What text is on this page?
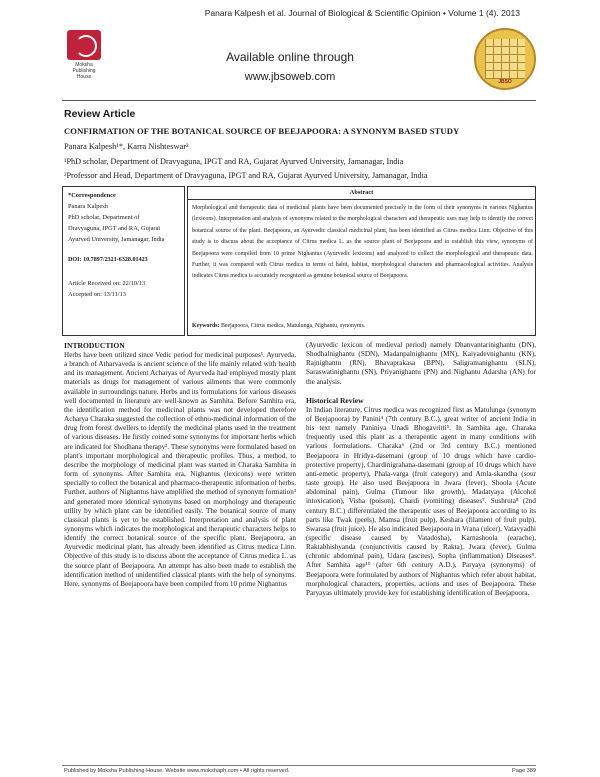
Panara Kalpesh et al. Journal of Biological & Scientific Opinion • Volume 1 (4). 2013
Moksha Publishing House
Available online through
www.jbsoweb.com	JBSO
Review Article
CONFIRMATION OF THE BOTANICAL SOURCE OF BEEJAPOORA: A SYNONYM BASED STUDY
Panara Kalpesh¹*, Karra Nishteswar²
¹PhD scholar, Department of Dravyaguna, IPGT and RA, Gujarat Ayurved University, Jamanagar, India
²Professor and Head, Department of Dravyaguna, IPGT and RA, Gujarat Ayurved University, Jamanagar, India
*Correspondence
Panara Kalpesh
PhD scholar, Department of
Dravyaguna, IPGT and RA, Gujarat
Ayurved University, Jamanagar, India
DOI: 10.7897/2321-6328.01423
Article Received on: 22/10/13
Accepted on: 13/11/13
Abstract
Morphological and therapeutic data of medicinal plants have been documented precisely in the form of their synonyms in various Nighantus (lexicons). Interpretation and analysis of synonyms related to the morphological characters and therapeutic uses may help to identify the correct botanical source of the plant. Beejapoora, an Ayurvedic classical medicinal plant, has been identified as Citrus medica Linn. Objective of this study is to discuss about the acceptance of Citrus medica L. as the source plant of Beejapoora and to establish this view, synonyms of Beejapoora were compiled from 10 prime Nighantus (Ayurvedic lexicons) and analyzed to collect the morphological and therapeutic data. Further, it was compared with Citrus medica in terms of habit, habitat, morphological characters and pharmacological activities. Analysis indicates Citrus medica is accurately recognized as genuine botanical source of Beejapoora.
Keywords: Beejapoora, Citrus medica, Matulunga, Nighantu, synonyms.
INTRODUCTION

Herbs have been utilized since Vedic period for medicinal purposes¹. Ayurveda, a branch of Atharvaveda is ancient science of the life mainly related with health and its management. Ancient Acharyas of Ayurveda had employed mostly plant materials as drugs for management of various ailments that were commonly available in surroundings nature. Herbs and its formulations for various diseases well documented in literature are well-known as Samhita. Before Samhita era, the identification method for medicinal plants was not developed therefore Acharya Charaka suggested the collection of ethno-medicinal information of the drug from forest dwellers to identify the medicinal plants used in the treatment of various diseases. He firstly coined some synonyms for important herbs which are indicated for Shodhana therapy². These synonyms were formulated based on plant's important morphological and therapeutic profiles. Thus, a method, to describe the morphology of medicinal plant was started in Charaka Samhita in form of synonyms. After Samhita era, Nighantus (lexicons) were written specially to collect the botanical and pharmaco-therapeutic information of herbs. Further, authors of Nighantus have amplified the method of synonym formation³ and generated more identical synonyms based on morphology and therapeutic utility by which plant can be identified easily. The botanical source of many classical plants is yet to be established. Interpretation and analysis of plant synonyms which indicates the morphological and therapeutic characters helps to identify the correct botanical source of the specific plant. Beejapoora, an Ayurvedic medicinal plant, has already been identified as Citrus medica Linn. Objective of this study is to discuss about the acceptance of Citrus medica L. as the source plant of Beejapoora. An attempt has also been made to establish the identification method of unidentified classical plants with the help of synonyms. Here, synonyms of Beejapoora have been compiled from 10 prime Nighantus

(Ayurvedic lexicon of medieval period) namely Dhanvantarinighantu (DN), Shodhalnighantu (SDN), Madanpalnighantu (MN), Kaiyadevnighantu (KN), Rajnighantu (RN), Bhavaprakasa (BPN), Saligramanighantu (SLN), Saraswatinighantu (SN), Priyanighantu (PN) and Nighantu Adarsha (AN) for the analysis.

Historical Review

In Indian literature, Citrus medica was recognized first as Matulunga (synonym of Beejapoora) by Panini⁴ (7th century B.C.), great writer of ancient India in his text namely Paniniya Unadi Bhogavritti⁵. In Samhita age, Charaka frequently used this plant as a therapeutic agent in many conditions with various formulations. Charaka⁶ (2nd or 3rd century B.C.) mentioned Beejapoora in Hridya-dasemani (group of 10 drugs which have cardio-protective property), Chardinigrahana-dasemani (group of 10 drugs which have anti-emetic property), Phala-varga (fruit category) and Amla-skandha (sour taste group). He also used Beejapoora in Jwara (fever), Shoola (Acute abdominal pain), Gulma (Tumour like growth), Madatyaya (Alcohol intoxication), Visha (poison), Chardi (vomiting) diseases⁷. Sushruta⁸ (2nd century B.C.) differentiated the therapeutic uses of Beejapoora according to its parts like Twak (peels), Mamsa (fruit pulp), Keshara (filament of fruit pulp), Swarasa (fruit juice). He also indicated Beejapoora in Vrana (ulcer), Vatavyadhi (specific disease caused by Vatadosha), Karnashoola (earache), Raktabhishyanda (conjunctivitis caused by Rakta), Jwara (fever), Gulma (chronic abdominal pain), Udara (ascites), Sopha (inflammation) Diseases⁹. After Samhita age¹⁰ (after 6th century A.D.), Paryaya (synonyms) of Beejapoora were formulated by authors of Nighantus which refer about habitat, morphological characters, properties, actions and uses of Beejapoora. These Paryayas ultimately provide key for establishing identification of Beejapoora.

Published by Moksha Publishing House. Website www.mokshaph.com • All rights reserved.	Page 389
